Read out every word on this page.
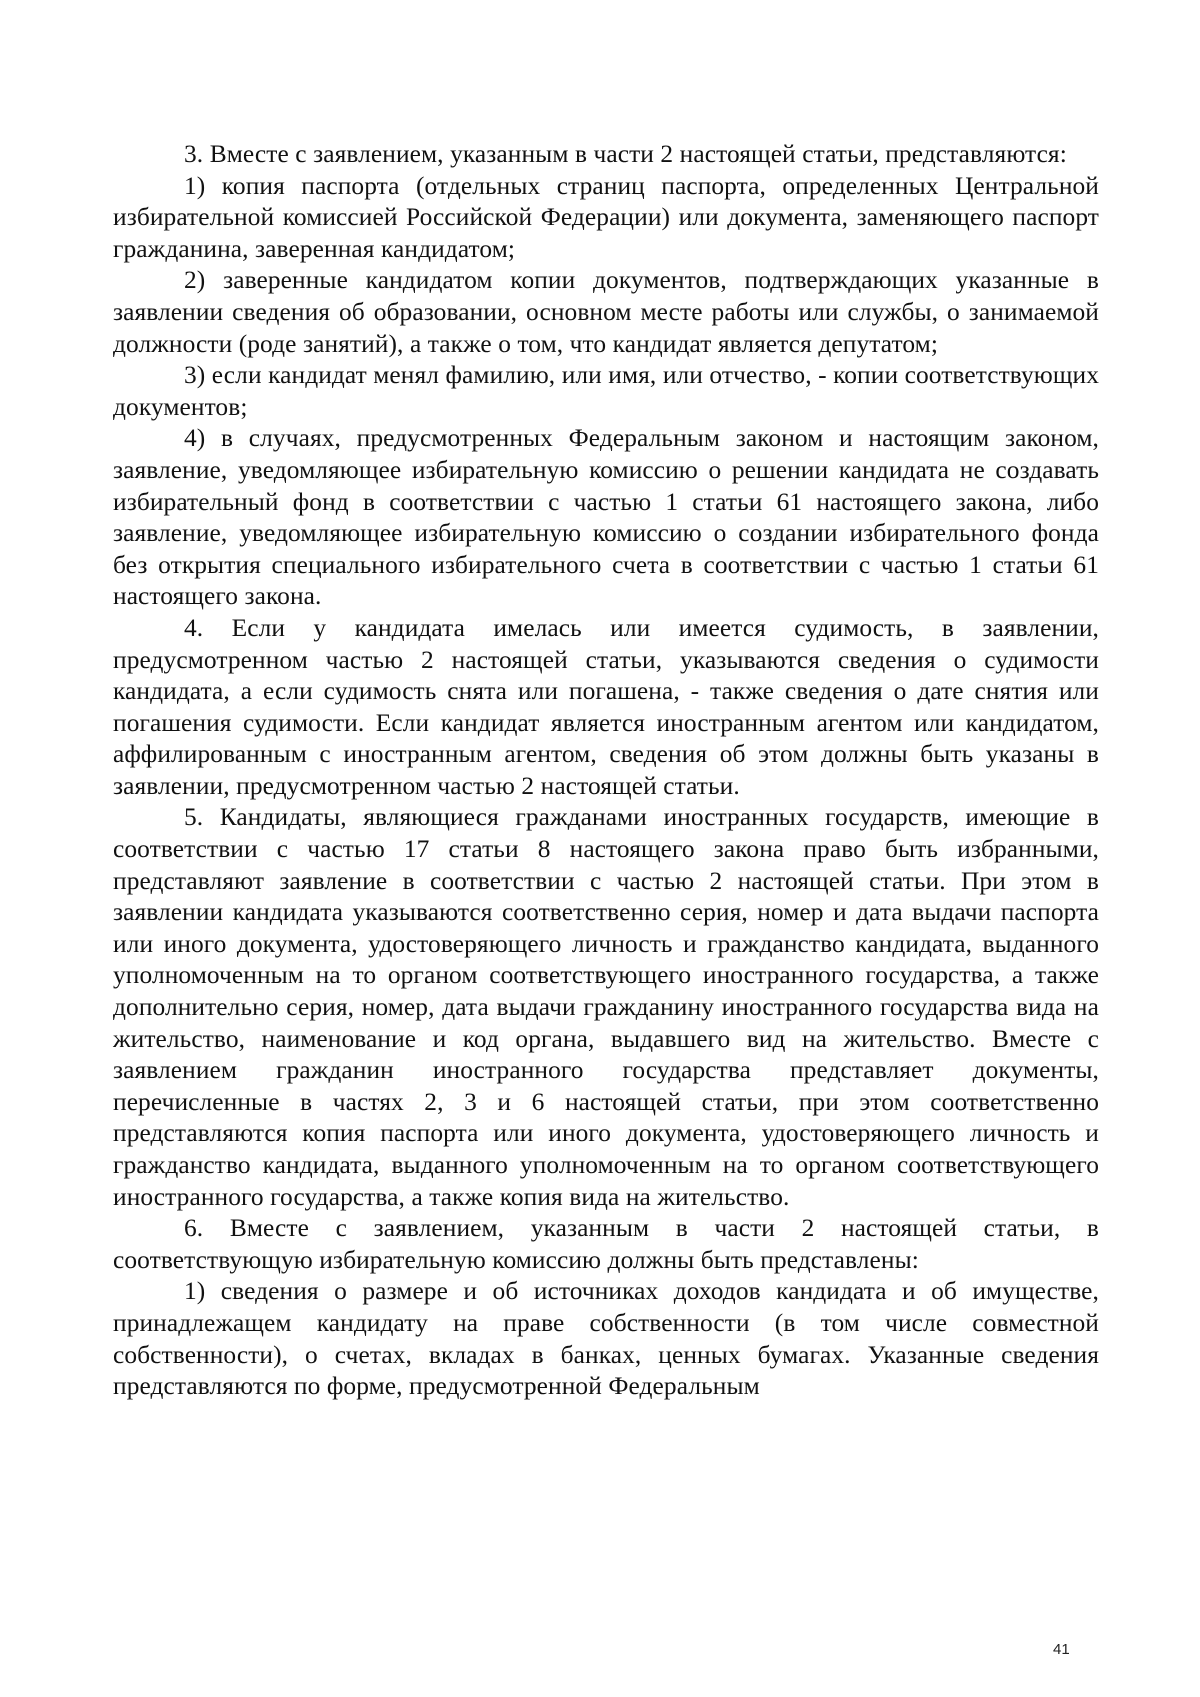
3. Вместе с заявлением, указанным в части 2 настоящей статьи, представляются:

1) копия паспорта (отдельных страниц паспорта, определенных Центральной избирательной комиссией Российской Федерации) или документа, заменяющего паспорт гражданина, заверенная кандидатом;

2) заверенные кандидатом копии документов, подтверждающих указанные в заявлении сведения об образовании, основном месте работы или службы, о занимаемой должности (роде занятий), а также о том, что кандидат является депутатом;

3) если кандидат менял фамилию, или имя, или отчество, - копии соответствующих документов;

4) в случаях, предусмотренных Федеральным законом и настоящим законом, заявление, уведомляющее избирательную комиссию о решении кандидата не создавать избирательный фонд в соответствии с частью 1 статьи 61 настоящего закона, либо заявление, уведомляющее избирательную комиссию о создании избирательного фонда без открытия специального избирательного счета в соответствии с частью 1 статьи 61 настоящего закона.

4. Если у кандидата имелась или имеется судимость, в заявлении, предусмотренном частью 2 настоящей статьи, указываются сведения о судимости кандидата, а если судимость снята или погашена, - также сведения о дате снятия или погашения судимости. Если кандидат является иностранным агентом или кандидатом, аффилированным с иностранным агентом, сведения об этом должны быть указаны в заявлении, предусмотренном частью 2 настоящей статьи.

5. Кандидаты, являющиеся гражданами иностранных государств, имеющие в соответствии с частью 17 статьи 8 настоящего закона право быть избранными, представляют заявление в соответствии с частью 2 настоящей статьи. При этом в заявлении кандидата указываются соответственно серия, номер и дата выдачи паспорта или иного документа, удостоверяющего личность и гражданство кандидата, выданного уполномоченным на то органом соответствующего иностранного государства, а также дополнительно серия, номер, дата выдачи гражданину иностранного государства вида на жительство, наименование и код органа, выдавшего вид на жительство. Вместе с заявлением гражданин иностранного государства представляет документы, перечисленные в частях 2, 3 и 6 настоящей статьи, при этом соответственно представляются копия паспорта или иного документа, удостоверяющего личность и гражданство кандидата, выданного уполномоченным на то органом соответствующего иностранного государства, а также копия вида на жительство.

6. Вместе с заявлением, указанным в части 2 настоящей статьи, в соответствующую избирательную комиссию должны быть представлены:

1) сведения о размере и об источниках доходов кандидата и об имуществе, принадлежащем кандидату на праве собственности (в том числе совместной собственности), о счетах, вкладах в банках, ценных бумагах. Указанные сведения представляются по форме, предусмотренной Федеральным

41
